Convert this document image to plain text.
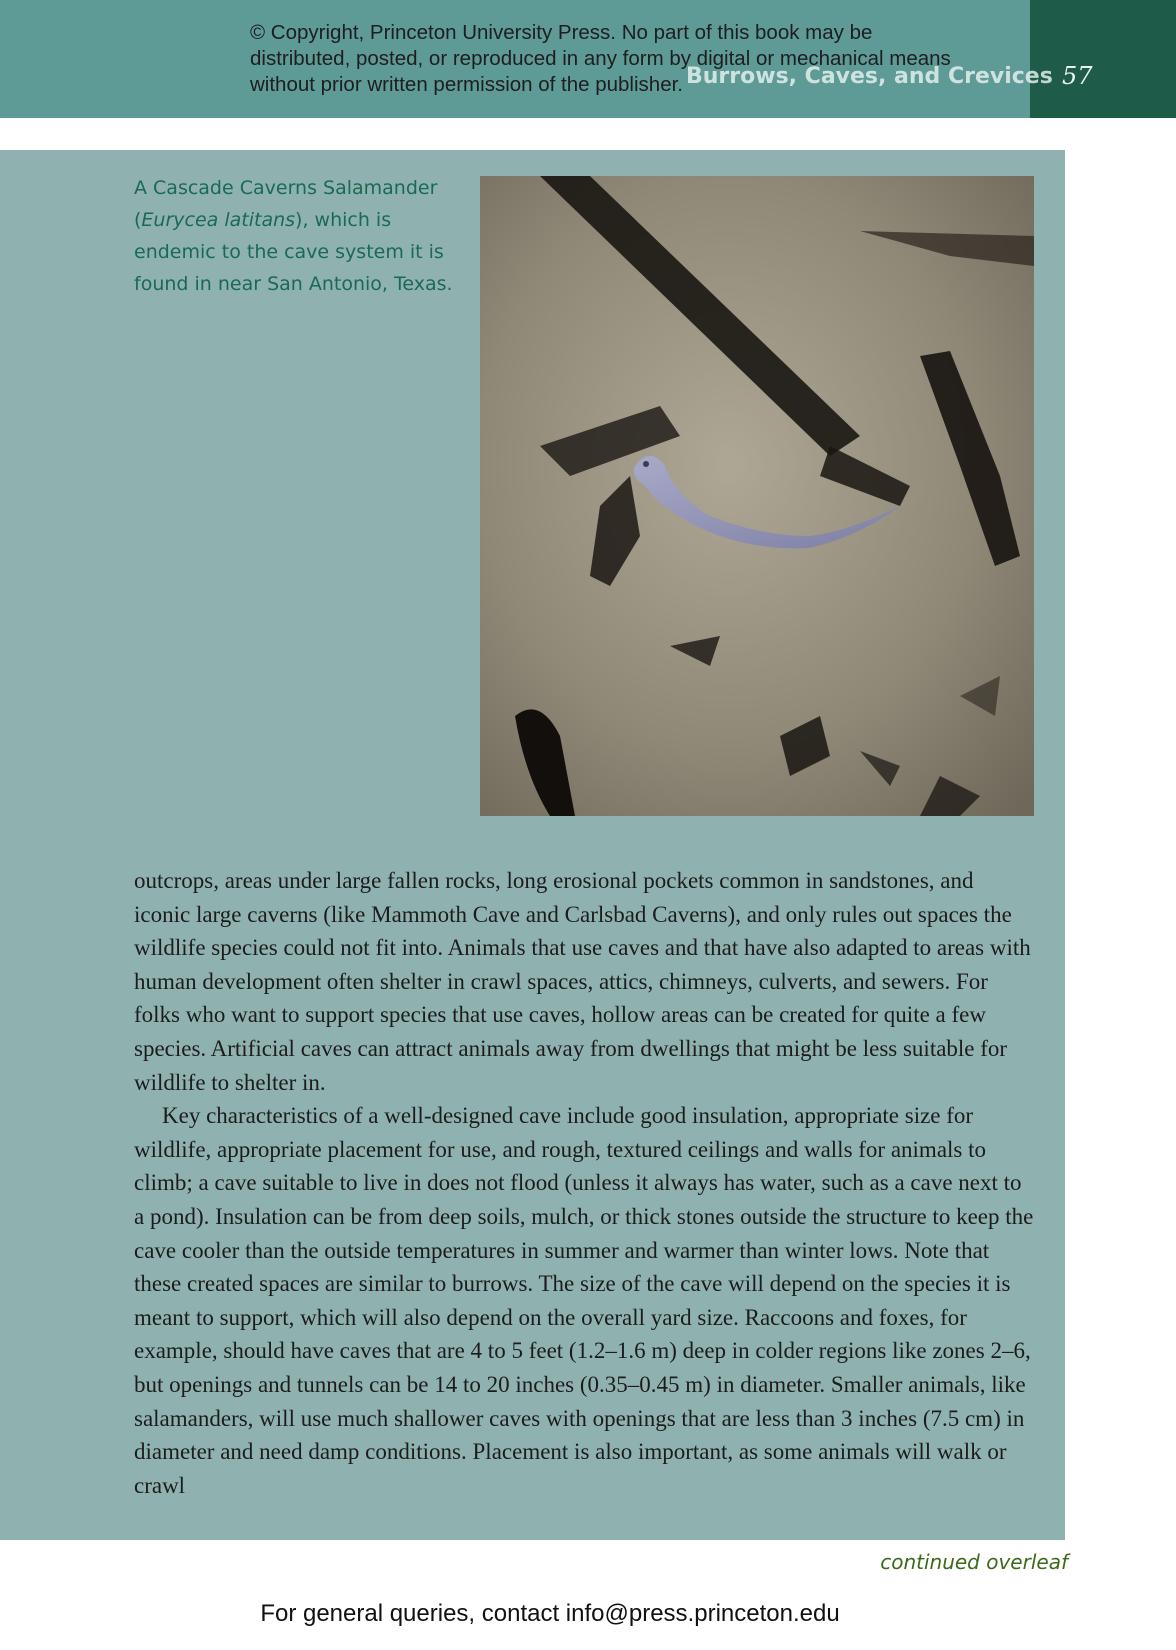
Burrows, Caves, and Crevices 57
© Copyright, Princeton University Press. No part of this book may be distributed, posted, or reproduced in any form by digital or mechanical means without prior written permission of the publisher.
A Cascade Caverns Salamander (Eurycea latitans), which is endemic to the cave system it is found in near San Antonio, Texas.

outcrops, areas under large fallen rocks, long erosional pockets common in sandstones, and iconic large caverns (like Mammoth Cave and Carlsbad Caverns), and only rules out spaces the wildlife species could not fit into. Animals that use caves and that have also adapted to areas with human development often shelter in crawl spaces, attics, chimneys, culverts, and sewers. For folks who want to support species that use caves, hollow areas can be created for quite a few species. Artificial caves can attract animals away from dwellings that might be less suitable for wildlife to shelter in.

Key characteristics of a well-designed cave include good insulation, appropriate size for wildlife, appropriate placement for use, and rough, textured ceilings and walls for animals to climb; a cave suitable to live in does not flood (unless it always has water, such as a cave next to a pond). Insulation can be from deep soils, mulch, or thick stones outside the structure to keep the cave cooler than the outside temperatures in summer and warmer than winter lows. Note that these created spaces are similar to burrows. The size of the cave will depend on the species it is meant to support, which will also depend on the overall yard size. Raccoons and foxes, for example, should have caves that are 4 to 5 feet (1.2–1.6 m) deep in colder regions like zones 2–6, but openings and tunnels can be 14 to 20 inches (0.35–0.45 m) in diameter. Smaller animals, like salamanders, will use much shallower caves with openings that are less than 3 inches (7.5 cm) in diameter and need damp conditions. Placement is also important, as some animals will walk or crawl

continued overleaf
For general queries, contact info@press.princeton.edu
